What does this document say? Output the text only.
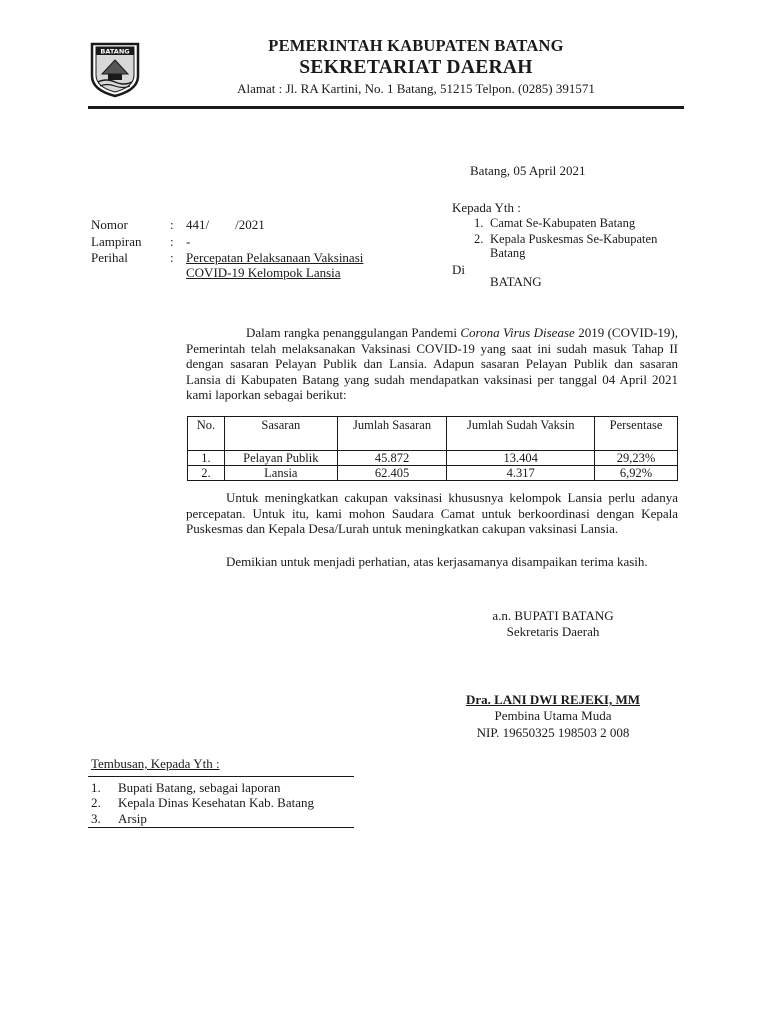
BATANG	PEMERINTAH KABUPATEN BATANG
SEKRETARIAT DAERAH
Alamat : Jl. RA Kartini, No. 1 Batang, 51215 Telpon. (0285) 391571
Batang, 05 April 2021
Nomor	: 441/        /2021
Lampiran : -
Perihal	: Percepatan Pelaksanaan Vaksinasi
COVID-19 Kelompok Lansia
Kepada Yth :
1. Camat Se-Kabupaten Batang
2. Kepala Puskesmas Se-Kabupaten
Batang
Di
BATANG
Dalam rangka penanggulangan Pandemi Corona Virus Disease 2019 (COVID-19), Pemerintah telah melaksanakan Vaksinasi COVID-19 yang saat ini sudah masuk Tahap II dengan sasaran Pelayan Publik dan Lansia. Adapun sasaran Pelayan Publik dan sasaran Lansia di Kabupaten Batang yang sudah mendapatkan vaksinasi per tanggal 04 April 2021 kami laporkan sebagai berikut:
No.	Sasaran	Jumlah Sasaran	Jumlah Sudah Vaksin	Persentase
1.	Pelayan Publik	45.872	13.404	29,23%
2.	Lansia	62.405	4.317	6,92%
Untuk meningkatkan cakupan vaksinasi khususnya kelompok Lansia perlu adanya percepatan. Untuk itu, kami mohon Saudara Camat untuk berkoordinasi dengan Kepala Puskesmas dan Kepala Desa/Lurah untuk meningkatkan cakupan vaksinasi Lansia.
Demikian untuk menjadi perhatian, atas kerjasamanya disampaikan terima kasih.
a.n. BUPATI BATANG
Sekretaris Daerah
Dra. LANI DWI REJEKI, MM
Pembina Utama Muda
NIP. 19650325 198503 2 008
Tembusan, Kepada Yth :
1. Bupati Batang, sebagai laporan
2. Kepala Dinas Kesehatan Kab. Batang
3. Arsip
